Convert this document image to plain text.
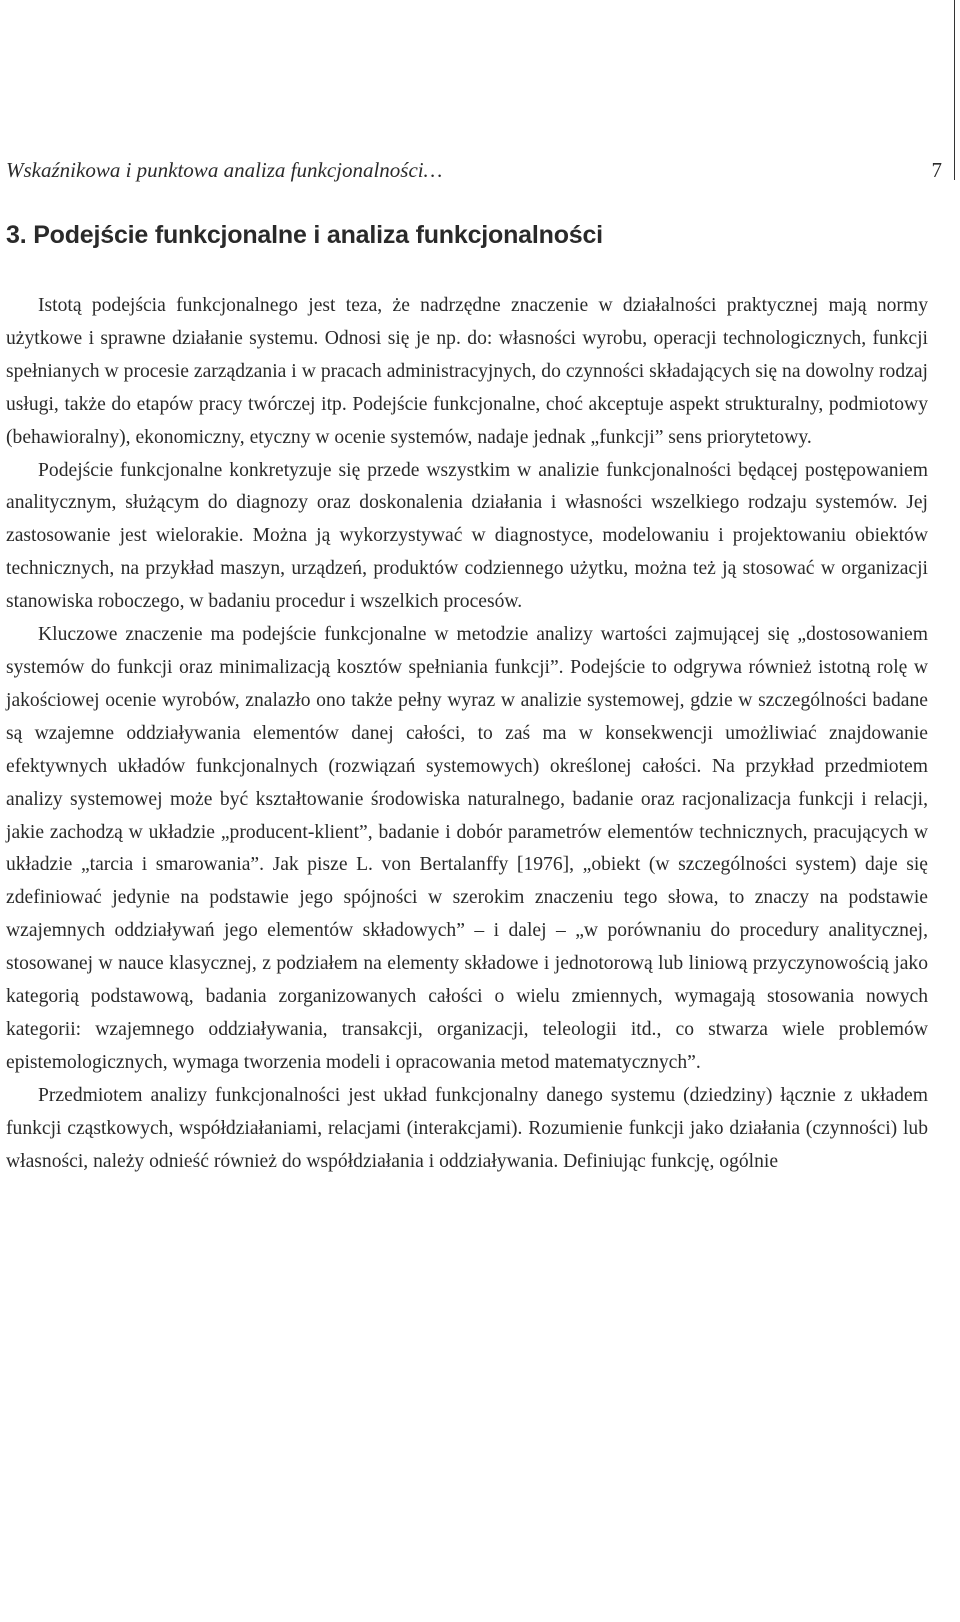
Wskaźnikowa i punktowa analiza funkcjonalności…	7
3. Podejście funkcjonalne i analiza funkcjonalności

Istotą podejścia funkcjonalnego jest teza, że nadrzędne znaczenie w działalności praktycznej mają normy użytkowe i sprawne działanie systemu. Odnosi się je np. do: własności wyrobu, operacji technologicznych, funkcji spełnianych w procesie zarządzania i w pracach administracyjnych, do czynności składających się na dowolny rodzaj usługi, także do etapów pracy twórczej itp. Podejście funkcjonalne, choć akceptuje aspekt strukturalny, podmiotowy (behawioralny), ekonomiczny, etyczny w ocenie systemów, nadaje jednak „funkcji” sens priorytetowy.

Podejście funkcjonalne konkretyzuje się przede wszystkim w analizie funkcjonalności będącej postępowaniem analitycznym, służącym do diagnozy oraz doskonalenia działania i własności wszelkiego rodzaju systemów. Jej zastosowanie jest wielorakie. Można ją wykorzystywać w diagnostyce, modelowaniu i projektowaniu obiektów technicznych, na przykład maszyn, urządzeń, produktów codziennego użytku, można też ją stosować w organizacji stanowiska roboczego, w badaniu procedur i wszelkich procesów.

Kluczowe znaczenie ma podejście funkcjonalne w metodzie analizy wartości zajmującej się „dostosowaniem systemów do funkcji oraz minimalizacją kosztów spełniania funkcji”. Podejście to odgrywa również istotną rolę w jakościowej ocenie wyrobów, znalazło ono także pełny wyraz w analizie systemowej, gdzie w szczególności badane są wzajemne oddziaływania elementów danej całości, to zaś ma w konsekwencji umożliwiać znajdowanie efektywnych układów funkcjonalnych (rozwiązań systemowych) określonej całości. Na przykład przedmiotem analizy systemowej może być kształtowanie środowiska naturalnego, badanie oraz racjonalizacja funkcji i relacji, jakie zachodzą w układzie „producent-klient”, badanie i dobór parametrów elementów technicznych, pracujących w układzie „tarcia i smarowania”. Jak pisze L. von Bertalanffy [1976], „obiekt (w szczególności system) daje się zdefiniować jedynie na podstawie jego spójności w szerokim znaczeniu tego słowa, to znaczy na podstawie wzajemnych oddziaływań jego elementów składowych” – i dalej – „w porównaniu do procedury analitycznej, stosowanej w nauce klasycznej, z podziałem na elementy składowe i jednotorową lub liniową przyczynowością jako kategorią podstawową, badania zorganizowanych całości o wielu zmiennych, wymagają stosowania nowych kategorii: wzajemnego oddziaływania, transakcji, organizacji, teleologii itd., co stwarza wiele problemów epistemologicznych, wymaga tworzenia modeli i opracowania metod matematycznych”.

Przedmiotem analizy funkcjonalności jest układ funkcjonalny danego systemu (dziedziny) łącznie z układem funkcji cząstkowych, współdziałaniami, relacjami (interakcjami). Rozumienie funkcji jako działania (czynności) lub własności, należy odnieść również do współdziałania i oddziaływania. Definiując funkcję, ogólnie
